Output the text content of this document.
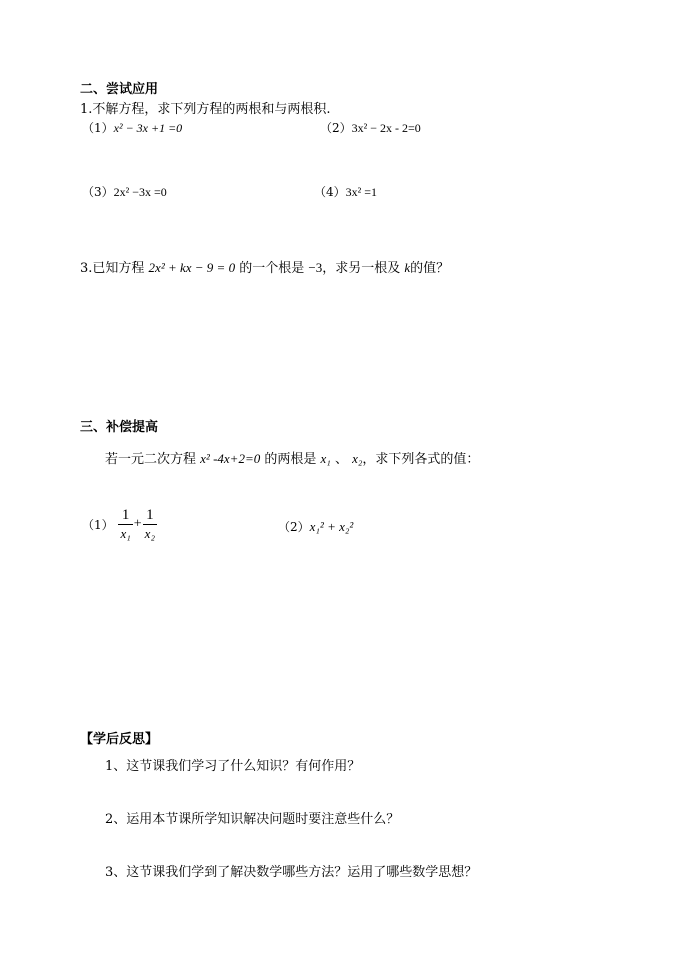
二、尝试应用
1.不解方程，求下列方程的两根和与两根积.
（1）x² − 3x +1 =0	（2）3x² − 2x - 2=0
（3）2x² −3x =0	（4）3x² =1
3.已知方程 2x² + kx − 9 = 0 的一个根是 −3，求另一根及 k的值？
三、补偿提高
若一元二次方程 x² -4x+2=0 的两根是 x₁ 、 x₂，求下列各式的值：
$(1) \frac{1}{\text{x₁}} + \frac{1}{\text{x₂}}$	（2）x₁² + x₂²
【学后反思】
1、这节课我们学习了什么知识？有何作用？
2、运用本节课所学知识解决问题时要注意些什么？
3、这节课我们学到了解决数学哪些方法？运用了哪些数学思想？
